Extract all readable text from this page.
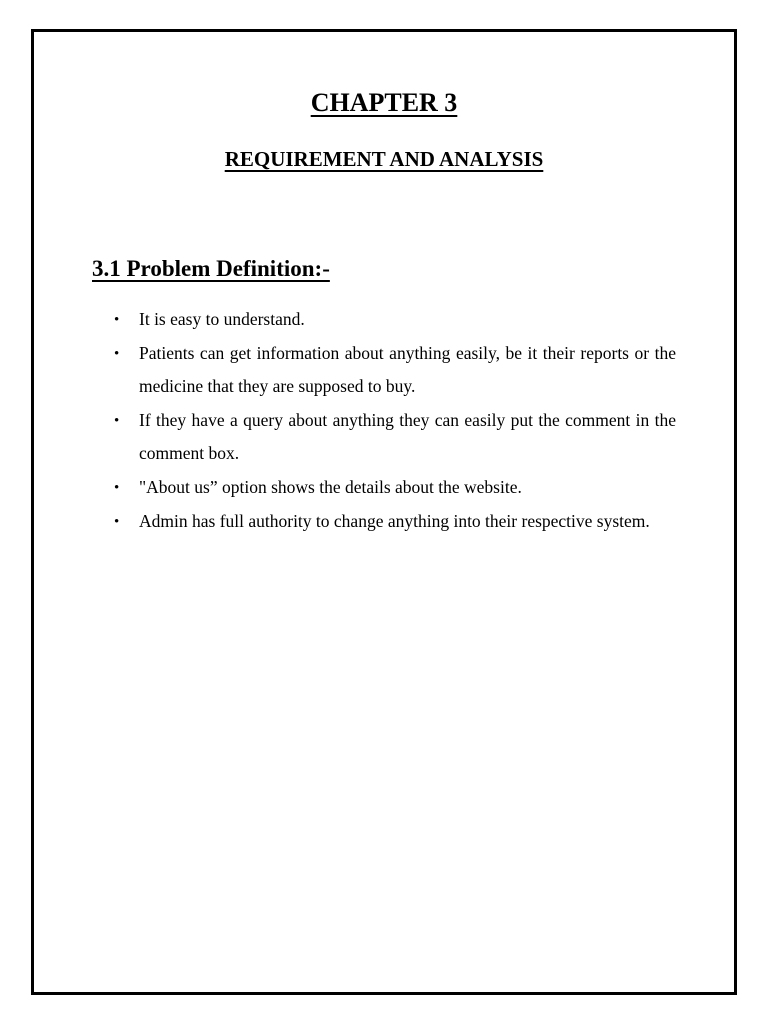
CHAPTER 3
REQUIREMENT AND ANALYSIS
3.1 Problem Definition:-
• It is easy to understand.
• Patients can get information about anything easily, be it their reports or the medicine that they are supposed to buy.
• If they have a query about anything they can easily put the comment in the comment box.
• "About us” option shows the details about the website.
• Admin has full authority to change anything into their respective system.
